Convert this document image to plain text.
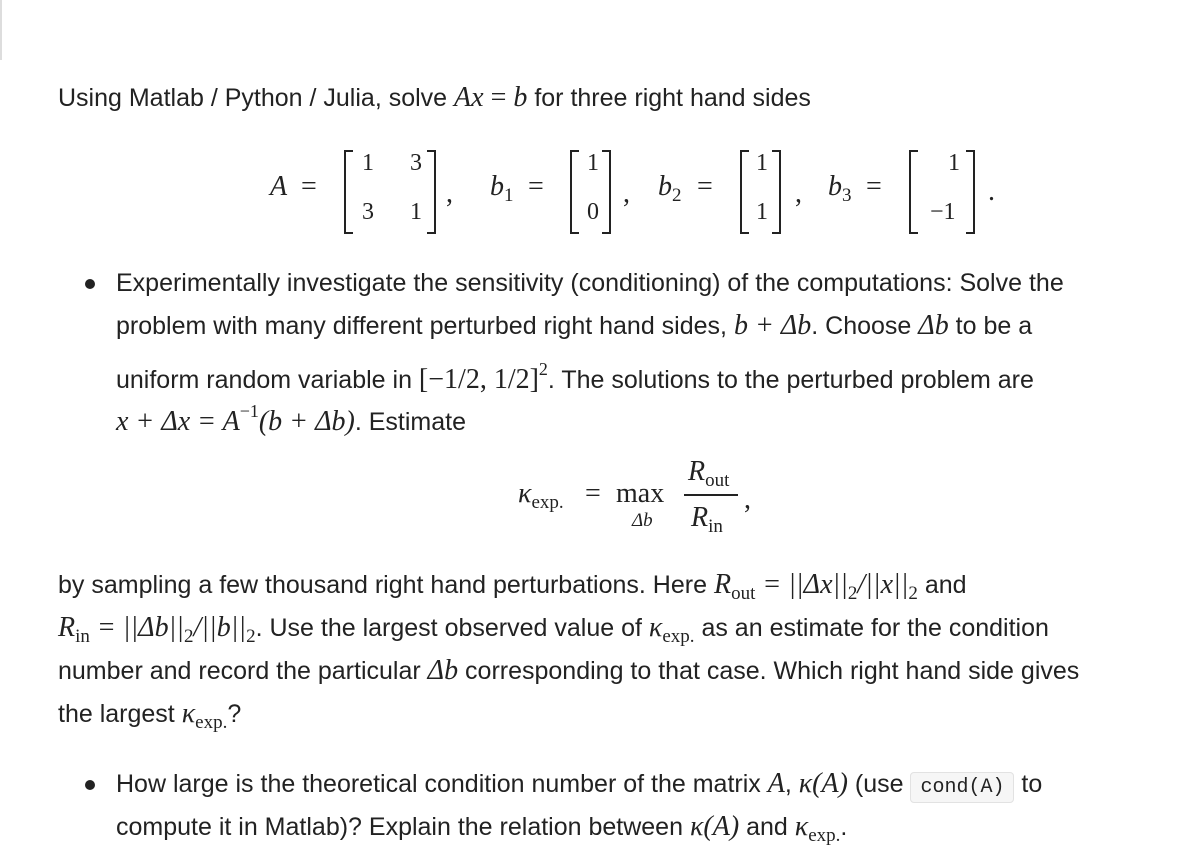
Using Matlab / Python / Julia, solve Ax = b for three right hand sides
A =
1 3
3 1
, $b_1$ =
1
0
, $b_2$ =
1
1
, $b_3$ =
1
−1
.
Experimentally investigate the sensitivity (conditioning) of the computations: Solve the
problem with many different perturbed right hand sides, b + Δb. Choose Δb to be a
uniform random variable in [−1/2, 1/2]$^2$. The solutions to the perturbed problem are
$x + \Delta x = A^{-1}(b + \Delta b)$. Estimate
$\kappa_{exp.} = \max$
Δb
$R_{out}$
$R_{in}$
,
by sampling a few thousand right hand perturbations. Here $R_{out} = ||\Delta x||_2/||x||_2$ and
$R_{in} = ||\Delta b||_2/||b||_2$. Use the largest observed value of $\kappa_{exp.}$ as an estimate for the condition
number and record the particular Δb corresponding to that case. Which right hand side gives
the largest $\kappa_{exp.}$?
How large is the theoretical condition number of the matrix A, κ(A) (use cond(A) to
compute it in Matlab)? Explain the relation between κ(A) and $\kappa_{exp.}$.
